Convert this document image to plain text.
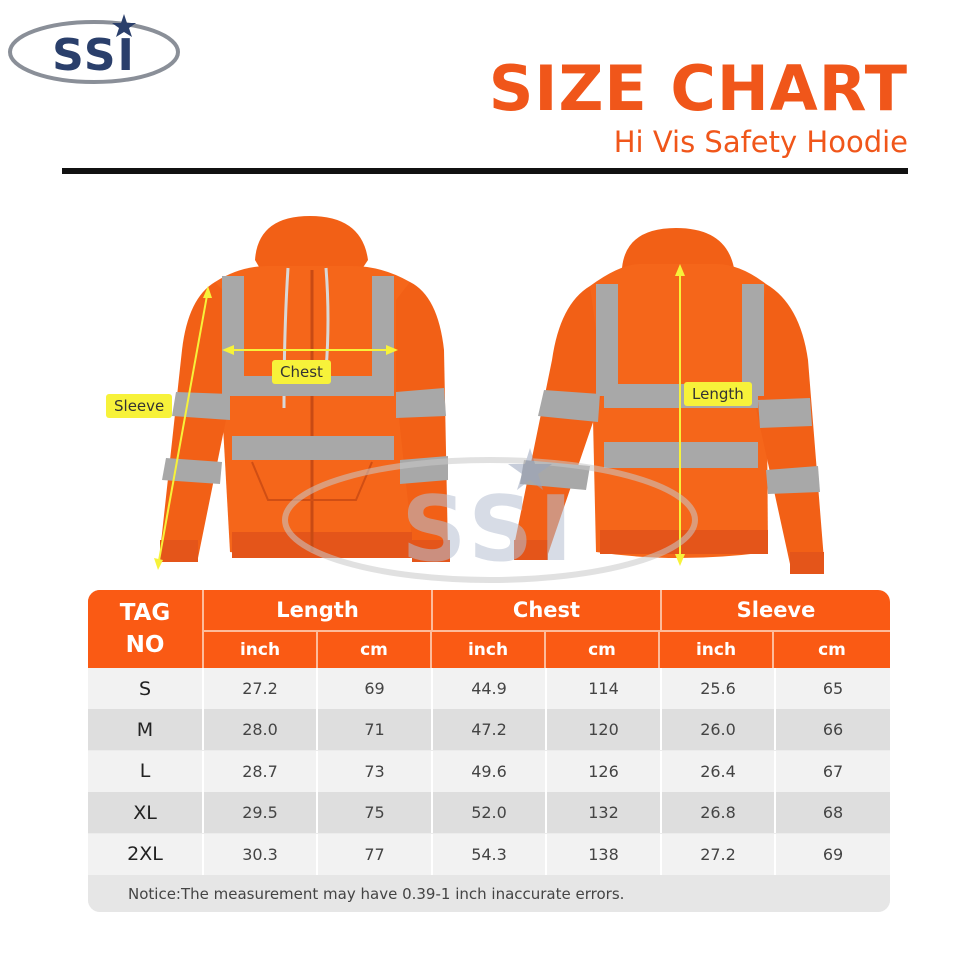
SSI	SIZE CHART
Hi Vis Safety Hoodie
Chest
Sleeve
Length
SSI
Length	Chest	Sleeve
inch	cm	inch	cm	inch	cm
TAG
NO
S	27.2	69	44.9	114	25.6	65
M	28.0	71	47.2	120	26.0	66
L	28.7	73	49.6	126	26.4	67
XL	29.5	75	52.0	132	26.8	68
2XL	30.3	77	54.3	138	27.2	69
Notice:The measurement may have 0.39-1 inch inaccurate errors.
